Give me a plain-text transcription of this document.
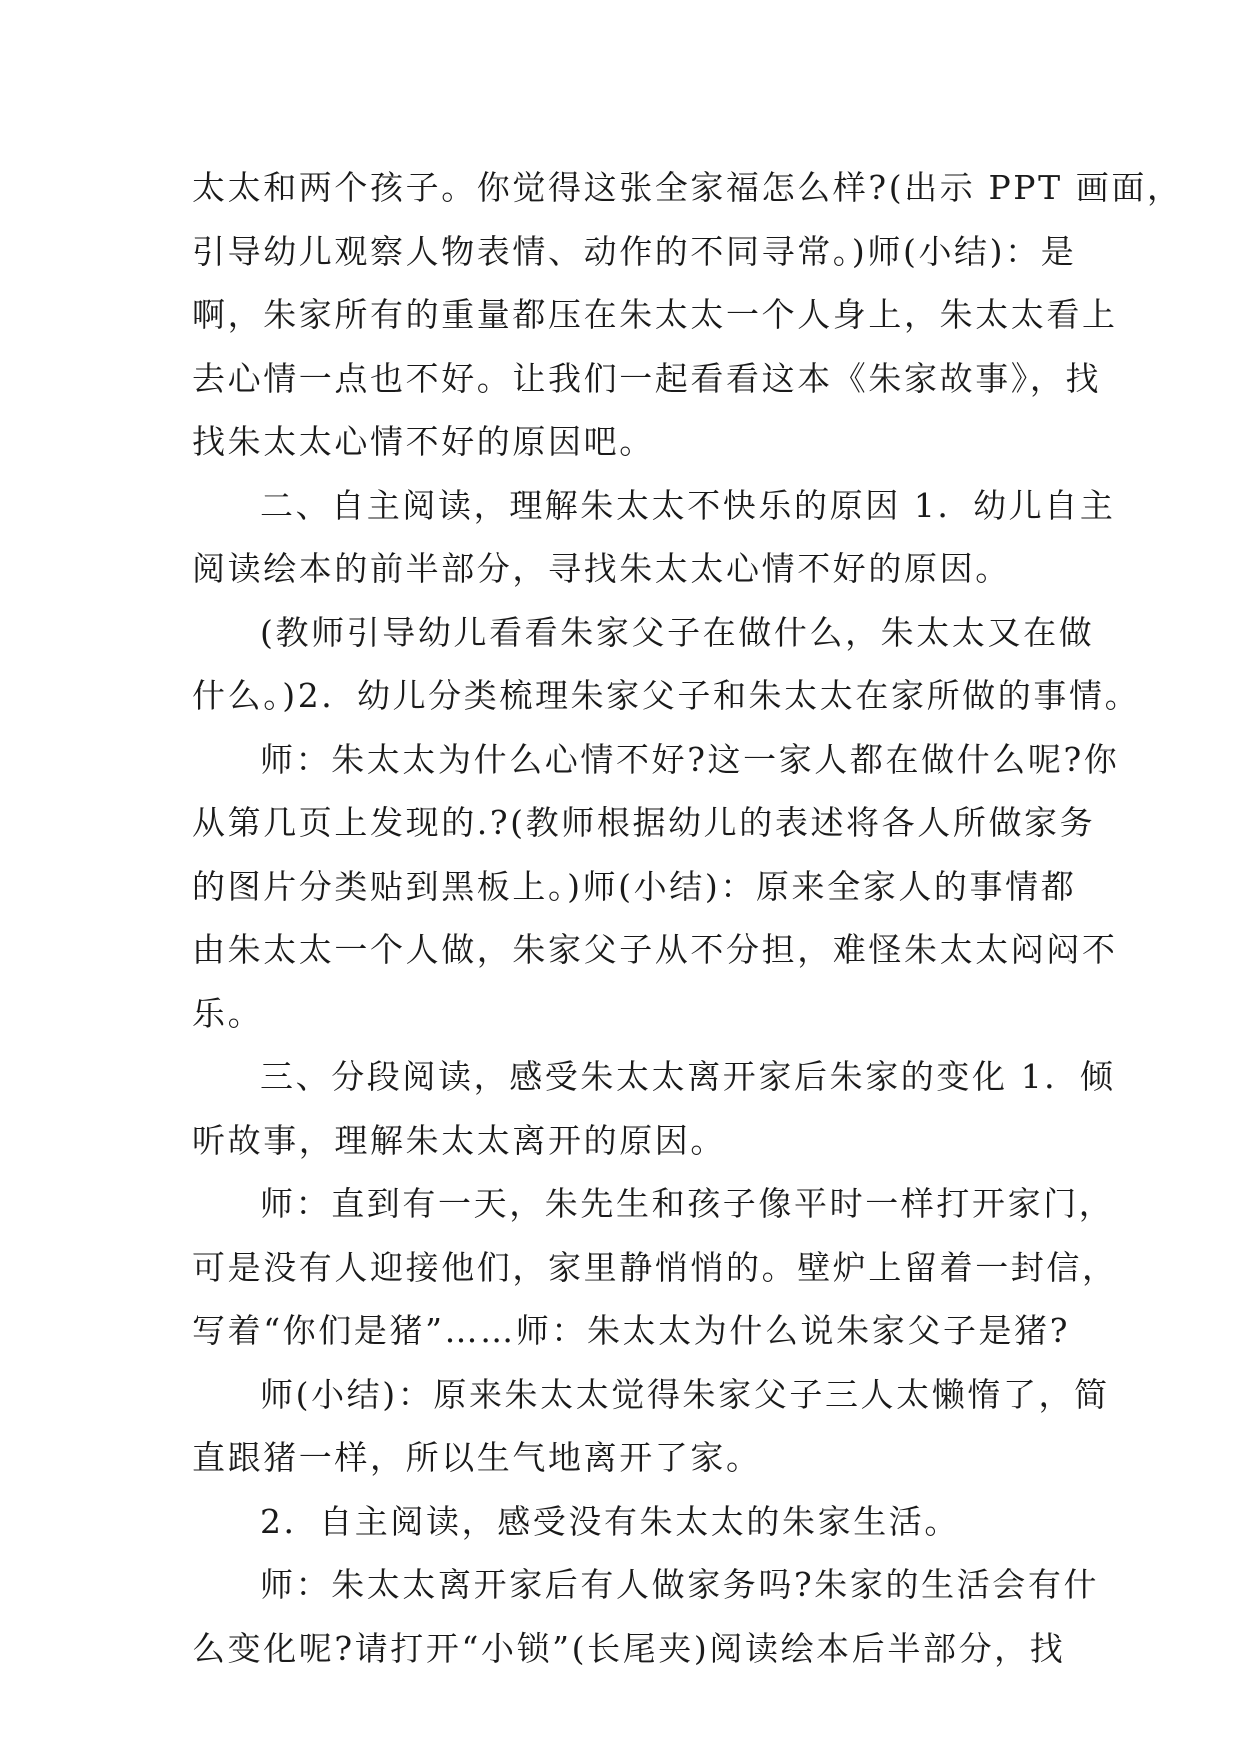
太太和两个孩子。你觉得这张全家福怎么样?(出示 PPT 画面，
引导幼儿观察人物表情、动作的不同寻常。)师(小结)：是
啊，朱家所有的重量都压在朱太太一个人身上，朱太太看上
去心情一点也不好。让我们一起看看这本《朱家故事》，找
找朱太太心情不好的原因吧。
二、自主阅读，理解朱太太不快乐的原因 1．幼儿自主
阅读绘本的前半部分，寻找朱太太心情不好的原因。
(教师引导幼儿看看朱家父子在做什么，朱太太又在做
什么。)2．幼儿分类梳理朱家父子和朱太太在家所做的事情。
师：朱太太为什么心情不好?这一家人都在做什么呢?你
从第几页上发现的.?(教师根据幼儿的表述将各人所做家务
的图片分类贴到黑板上。)师(小结)：原来全家人的事情都
由朱太太一个人做，朱家父子从不分担，难怪朱太太闷闷不
乐。
三、分段阅读，感受朱太太离开家后朱家的变化 1．倾
听故事，理解朱太太离开的原因。
师：直到有一天，朱先生和孩子像平时一样打开家门，
可是没有人迎接他们，家里静悄悄的。壁炉上留着一封信，
写着“你们是猪”……师：朱太太为什么说朱家父子是猪?
师(小结)：原来朱太太觉得朱家父子三人太懒惰了，简
直跟猪一样，所以生气地离开了家。
2．自主阅读，感受没有朱太太的朱家生活。
师：朱太太离开家后有人做家务吗?朱家的生活会有什
么变化呢?请打开“小锁”(长尾夹)阅读绘本后半部分，找
